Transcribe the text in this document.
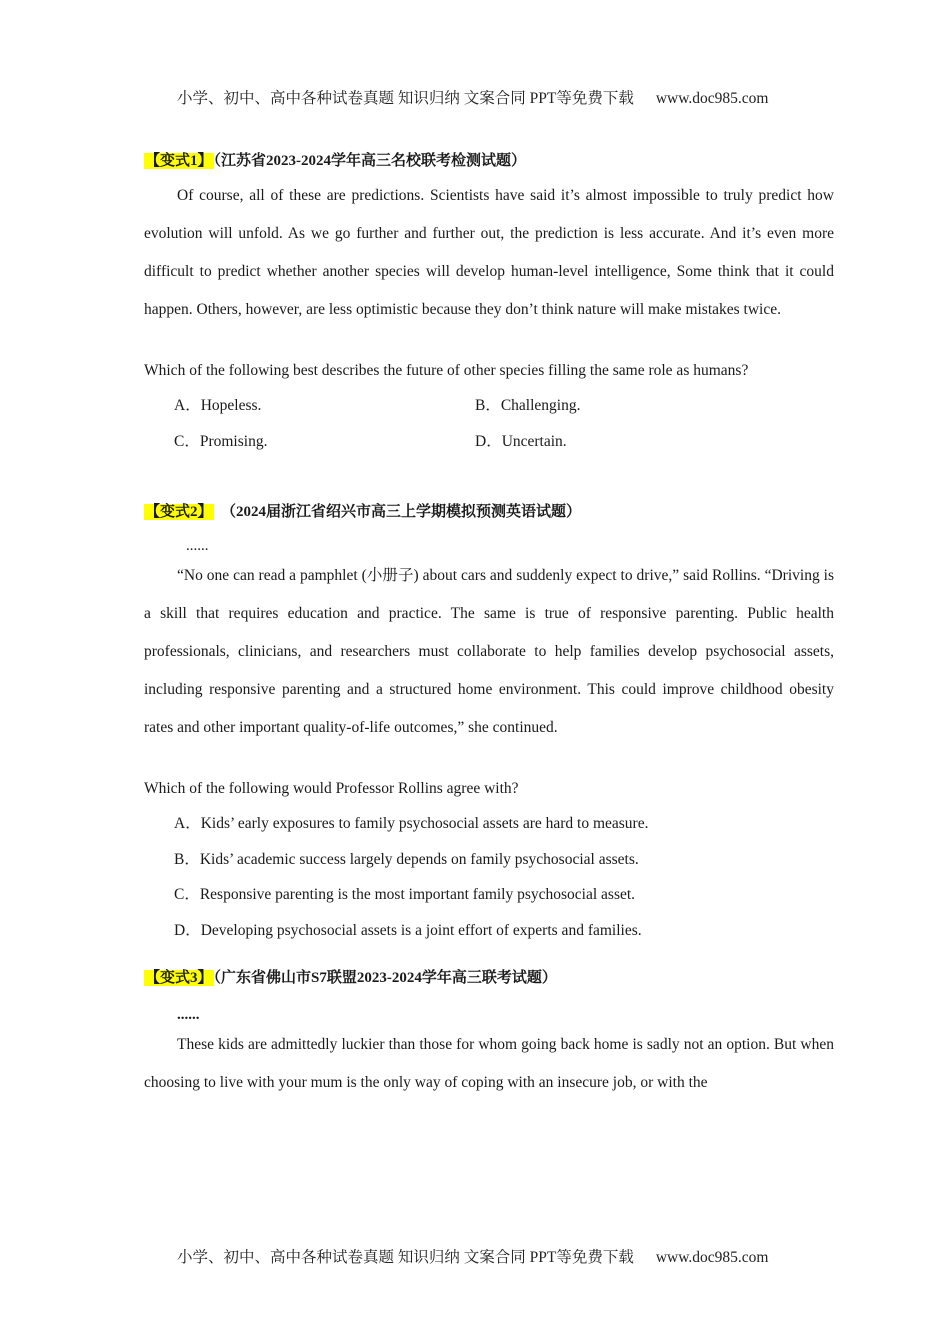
小学、初中、高中各种试卷真题 知识归纳 文案合同 PPT等免费下载 www.doc985.com
【变式1】（江苏省2023-2024学年高三名校联考检测试题）

Of course, all of these are predictions. Scientists have said it’s almost impossible to truly predict how evolution will unfold. As we go further and further out, the prediction is less accurate. And it’s even more difficult to predict whether another species will develop human-level intelligence, Some think that it could happen. Others, however, are less optimistic because they don’t think nature will make mistakes twice.

Which of the following best describes the future of other species filling the same role as humans?

A．Hopeless.	B．Challenging.
C．Promising.	D．Uncertain.
【变式2】 （2024届浙江省绍兴市高三上学期模拟预测英语试题）
......

“No one can read a pamphlet (小册子) about cars and suddenly expect to drive,” said Rollins. “Driving is a skill that requires education and practice. The same is true of responsive parenting. Public health professionals, clinicians, and researchers must collaborate to help families develop psychosocial assets, including responsive parenting and a structured home environment. This could improve childhood obesity rates and other important quality-of-life outcomes,” she continued.

Which of the following would Professor Rollins agree with?

A．Kids’ early exposures to family psychosocial assets are hard to measure.
B．Kids’ academic success largely depends on family psychosocial assets.
C．Responsive parenting is the most important family psychosocial asset.
D．Developing psychosocial assets is a joint effort of experts and families.
【变式3】（广东省佛山市S7联盟2023-2024学年高三联考试题）
......

These kids are admittedly luckier than those for whom going back home is sadly not an option. But when choosing to live with your mum is the only way of coping with an insecure job, or with the

小学、初中、高中各种试卷真题 知识归纳 文案合同 PPT等免费下载 www.doc985.com
